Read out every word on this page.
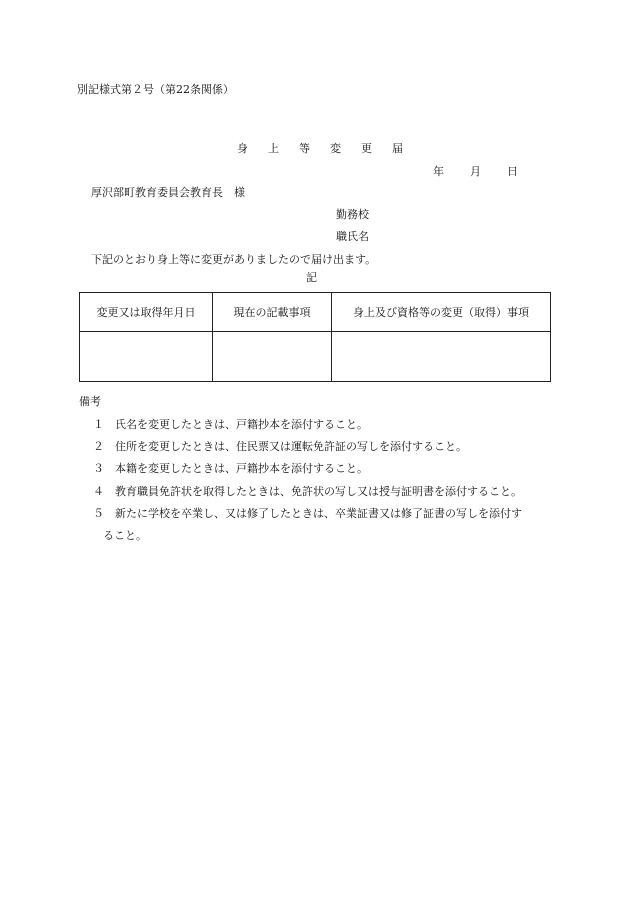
別記様式第２号（第22条関係）
身 上 等 変 更 届
年 月 日
厚沢部町教育委員会教育長　様
勤務校
職氏名
下記のとおり身上等に変更がありましたので届け出ます。
記
変更又は取得年月日	現在の記載事項	身上及び資格等の変更（取得）事項

備考
１ 氏名を変更したときは、戸籍抄本を添付すること。
２ 住所を変更したときは、住民票又は運転免許証の写しを添付すること。
３ 本籍を変更したときは、戸籍抄本を添付すること。
４ 教育職員免許状を取得したときは、免許状の写し又は授与証明書を添付すること。
５ 新たに学校を卒業し、又は修了したときは、卒業証書又は修了証書の写しを添付す
ること。
